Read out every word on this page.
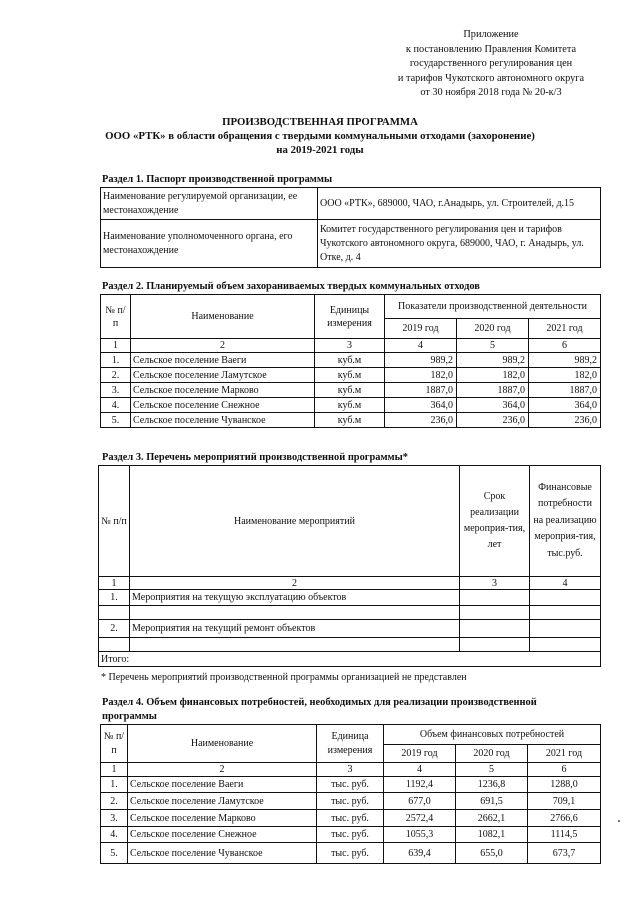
Приложение
к постановлению Правления Комитета
государственного регулирования цен
и тарифов Чукотского автономного округа
от 30 ноября 2018 года № 20-к/3
ПРОИЗВОДСТВЕННАЯ ПРОГРАММА
ООО «РТК» в области обращения с твердыми коммунальными отходами (захоронение)
на 2019-2021 годы
Раздел 1. Паспорт производственной программы
Наименование регулируемой организации, ее местонахождение	ООО «РТК», 689000, ЧАО, г.Анадырь, ул. Строителей, д.15
Наименование уполномоченного органа, его местонахождение	Комитет государственного регулирования цен и тарифов Чукотского автономного округа, 689000, ЧАО, г. Анадырь, ул. Отке, д. 4
Раздел 2. Планируемый объем захораниваемых твердых коммунальных отходов
№ п/п	Наименование	Единицы измерения	Показатели производственной деятельности		
			2019 год	2020 год	2021 год
1	2	3	4	5	6
1.	Сельское поселение Ваеги	куб.м	989,2	989,2	989,2
2.	Сельское поселение Ламутское	куб.м	182,0	182,0	182,0
3.	Сельское поселение Марково	куб.м	1887,0	1887,0	1887,0
4.	Сельское поселение Снежное	куб.м	364,0	364,0	364,0
5.	Сельское поселение Чуванское	куб.м	236,0	236,0	236,0
Раздел 3. Перечень мероприятий производственной программы*
№ п/п	Наименование мероприятий	Срок реализации мероприя-тия, лет	Финансовые потребности на реализацию мероприя-тия, тыс.руб.
1	2	3	4
1.	Мероприятия на текущую эксплуатацию объектов		

2.	Мероприятия на текущий ремонт объектов		

Итого:			
* Перечень мероприятий производственной программы организацией не представлен
Раздел 4. Объем финансовых потребностей, необходимых для реализации производственной
программы
№ п/п	Наименование	Единица измерения	Объем финансовых потребностей		
			2019 год	2020 год	2021 год
1	2	3	4	5	6
1.	Сельское поселение Ваеги	тыс. руб.	1192,4	1236,8	1288,0
2.	Сельское поселение Ламутское	тыс. руб.	677,0	691,5	709,1
3.	Сельское поселение Марково	тыс. руб.	2572,4	2662,1	2766,6
4.	Сельское поселение Снежное	тыс. руб.	1055,3	1082,1	1114,5
5.	Сельское поселение Чуванское	тыс. руб.	639,4	655,0	673,7
